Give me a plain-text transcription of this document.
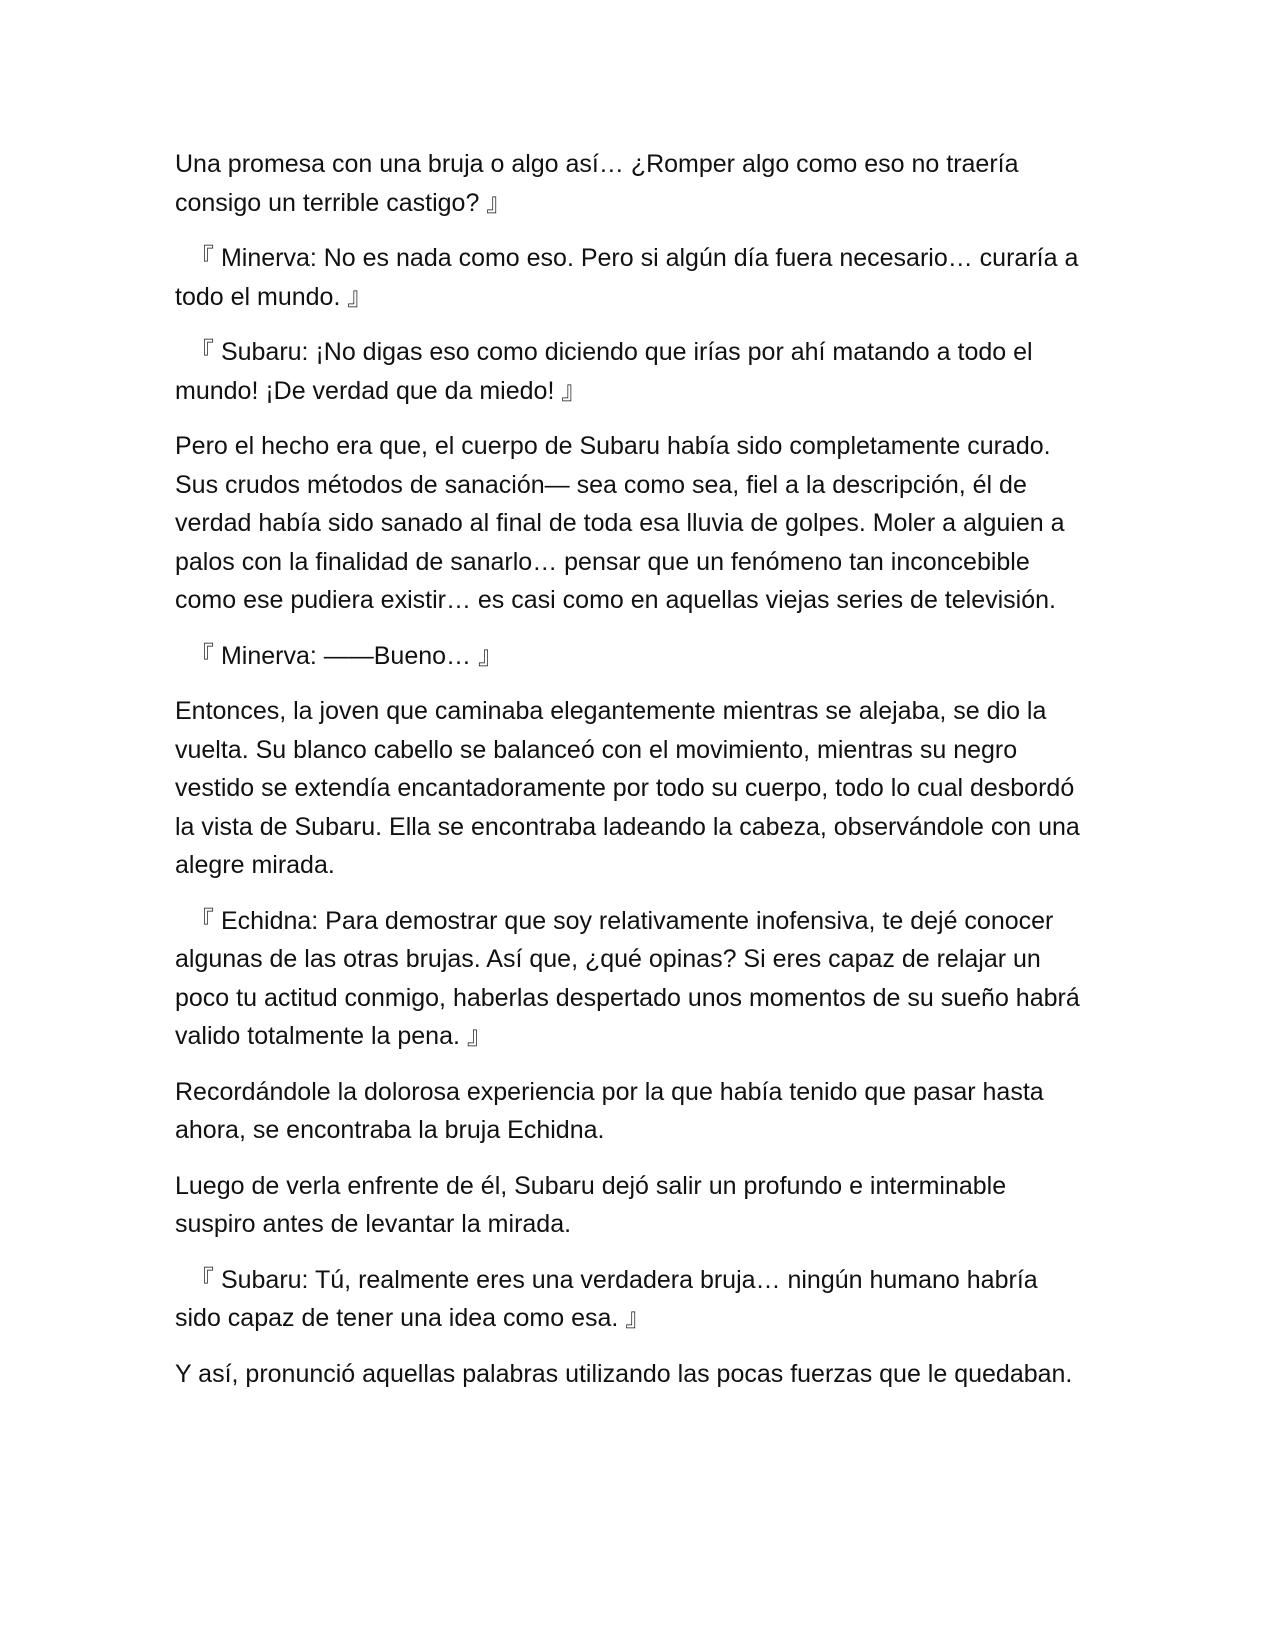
Una promesa con una bruja o algo así… ¿Romper algo como eso no traería consigo un terrible castigo? 』

『 Minerva: No es nada como eso. Pero si algún día fuera necesario… curaría a todo el mundo. 』

『 Subaru: ¡No digas eso como diciendo que irías por ahí matando a todo el mundo! ¡De verdad que da miedo! 』

Pero el hecho era que, el cuerpo de Subaru había sido completamente curado. Sus crudos métodos de sanación— sea como sea, fiel a la descripción, él de verdad había sido sanado al final de toda esa lluvia de golpes. Moler a alguien a palos con la finalidad de sanarlo… pensar que un fenómeno tan inconcebible como ese pudiera existir… es casi como en aquellas viejas series de televisión.

『 Minerva: ——Bueno… 』

Entonces, la joven que caminaba elegantemente mientras se alejaba, se dio la vuelta. Su blanco cabello se balanceó con el movimiento, mientras su negro vestido se extendía encantadoramente por todo su cuerpo, todo lo cual desbordó la vista de Subaru. Ella se encontraba ladeando la cabeza, observándole con una alegre mirada.

『 Echidna: Para demostrar que soy relativamente inofensiva, te dejé conocer algunas de las otras brujas. Así que, ¿qué opinas? Si eres capaz de relajar un poco tu actitud conmigo, haberlas despertado unos momentos de su sueño habrá valido totalmente la pena. 』

Recordándole la dolorosa experiencia por la que había tenido que pasar hasta ahora, se encontraba la bruja Echidna.

Luego de verla enfrente de él, Subaru dejó salir un profundo e interminable suspiro antes de levantar la mirada.

『 Subaru: Tú, realmente eres una verdadera bruja… ningún humano habría sido capaz de tener una idea como esa. 』

Y así, pronunció aquellas palabras utilizando las pocas fuerzas que le quedaban.
